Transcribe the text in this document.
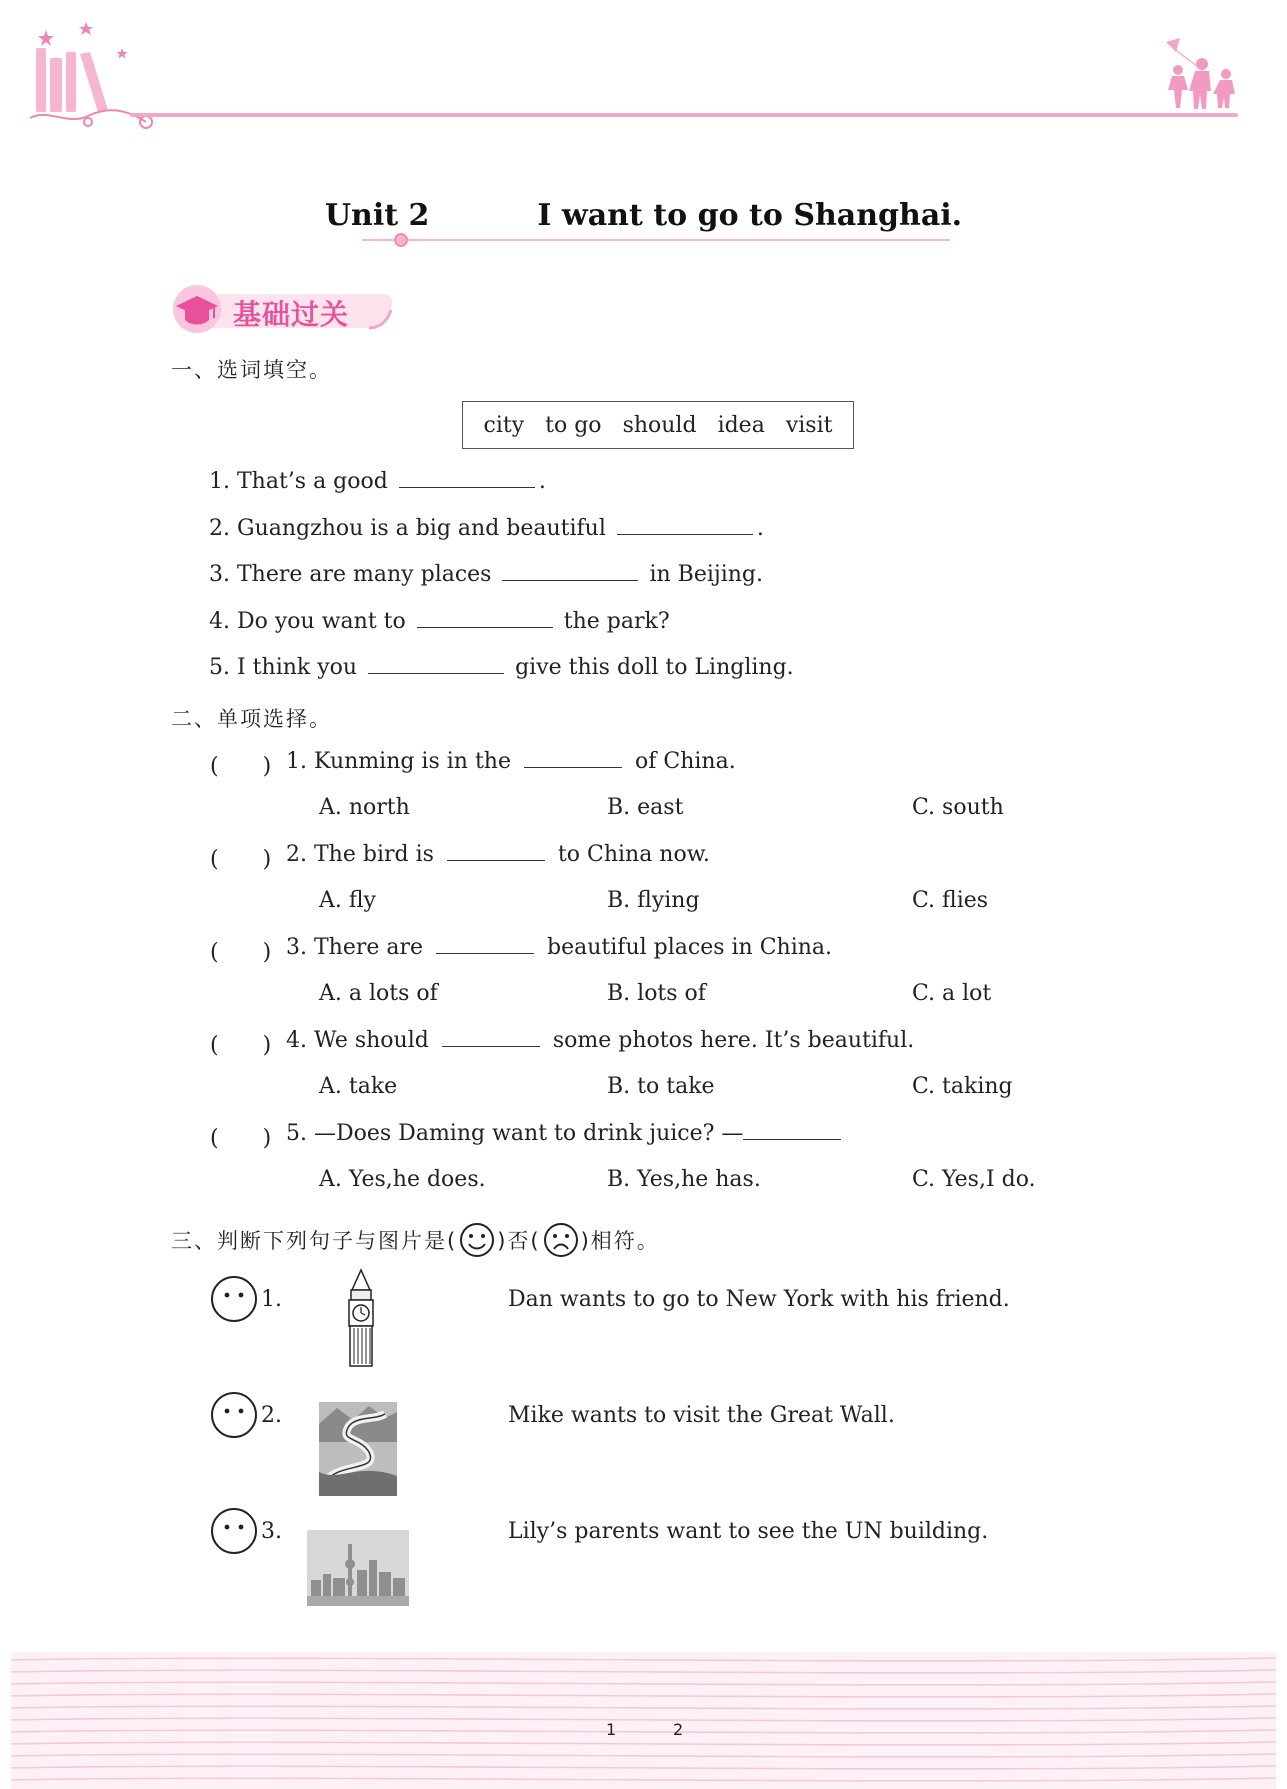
Unit 2	I want to go to Shanghai.
基础过关
一、选词填空。
city to go should idea visit
1. That’s a good	.
2. Guangzhou is a big and beautiful	.
3. There are many places	in Beijing.
4. Do you want to	the park?
5. I think you	give this doll to Lingling.
二、单项选择。
(　　) 1. Kunming is in the	of China.
A. north	B. east	C. south
(　　) 2. The bird is	to China now.
A. fly	B. flying	C. flies
(　　) 3. There are	beautiful places in China.
A. a lots of	B. lots of	C. a lot
(　　) 4. We should	some photos here. It’s beautiful.
A. take	B. to take	C. taking
(　　) 5. —Does Daming want to drink juice? —
A. Yes,he does.	B. Yes,he has.	C. Yes,I do.
三、判断下列句子与图片是( )否( )相符。
1.	Dan wants to go to New York with his friend.
2.	Mike wants to visit the Great Wall.
3.	Lily’s parents want to see the UN building.
1	2
